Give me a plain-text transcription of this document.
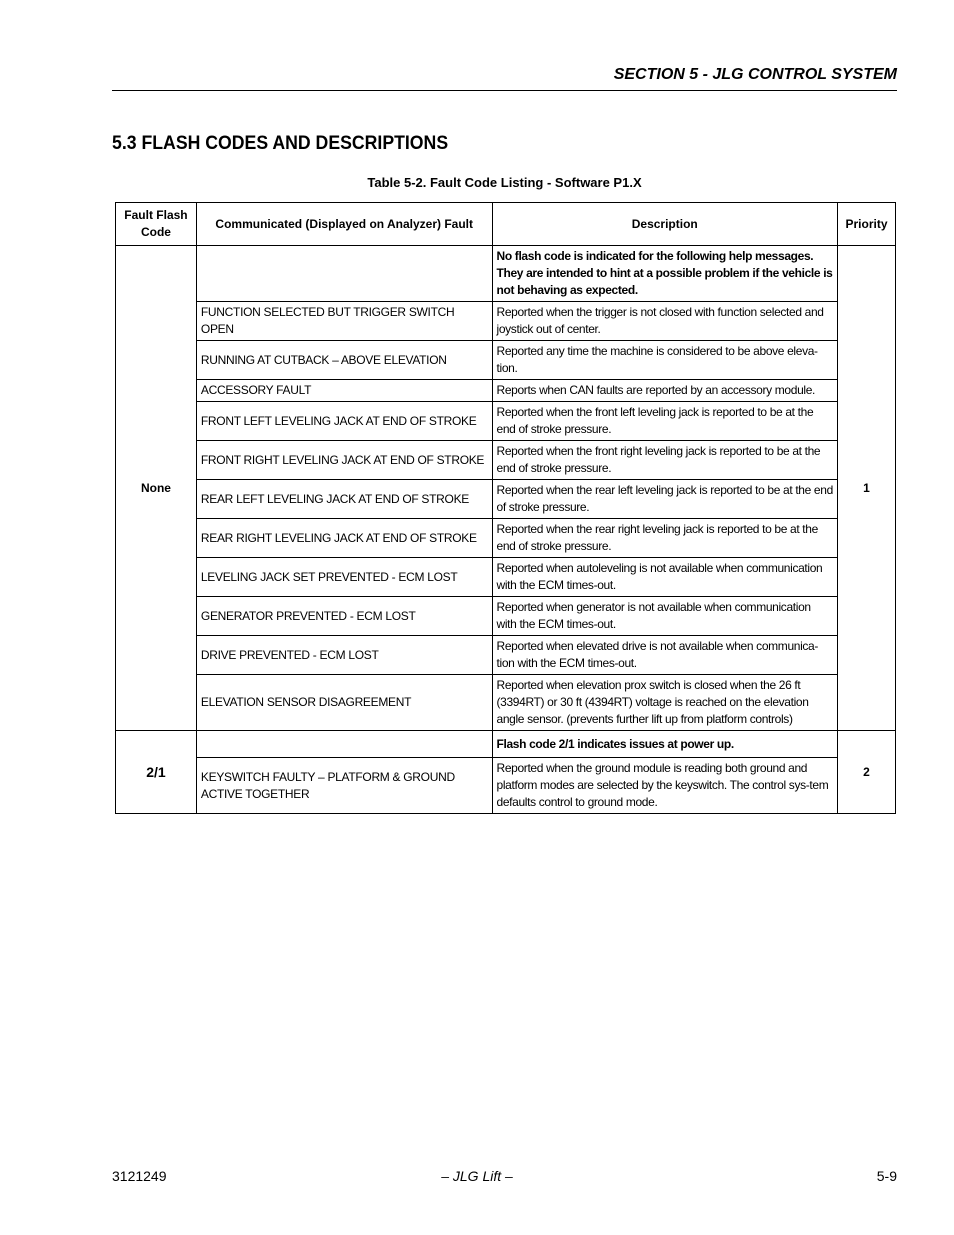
SECTION 5 - JLG CONTROL SYSTEM
5.3 FLASH CODES AND DESCRIPTIONS
Table 5-2. Fault Code Listing - Software P1.X
Fault Flash Code	Communicated (Displayed on Analyzer) Fault	Description	Priority
None		No flash code is indicated for the following help messages. They are intended to hint at a possible problem if the vehicle is not behaving as expected.	1
	FUNCTION SELECTED BUT TRIGGER SWITCH OPEN	Reported when the trigger is not closed with function selected and joystick out of center.	
	RUNNING AT CUTBACK – ABOVE ELEVATION	Reported any time the machine is considered to be above eleva-tion.	
	ACCESSORY FAULT	Reports when CAN faults are reported by an accessory module.	
	FRONT LEFT LEVELING JACK AT END OF STROKE	Reported when the front left leveling jack is reported to be at the end of stroke pressure.	
	FRONT RIGHT LEVELING JACK AT END OF STROKE	Reported when the front right leveling jack is reported to be at the end of stroke pressure.	
	REAR LEFT LEVELING JACK AT END OF STROKE	Reported when the rear left leveling jack is reported to be at the end of stroke pressure.	
	REAR RIGHT LEVELING JACK AT END OF STROKE	Reported when the rear right leveling jack is reported to be at the end of stroke pressure.	
	LEVELING JACK SET PREVENTED - ECM LOST	Reported when autoleveling is not available when communication with the ECM times-out.	
	GENERATOR PREVENTED - ECM LOST	Reported when generator is not available when communication with the ECM times-out.	
	DRIVE PREVENTED - ECM LOST	Reported when elevated drive is not available when communica-tion with the ECM times-out.	
	ELEVATION SENSOR DISAGREEMENT	Reported when elevation prox switch is closed when the 26 ft (3394RT) or 30 ft (4394RT) voltage is reached on the elevation angle sensor. (prevents further lift up from platform controls)	
2/1		Flash code 2/1 indicates issues at power up.	2
	KEYSWITCH FAULTY – PLATFORM & GROUND ACTIVE TOGETHER	Reported when the ground module is reading both ground and platform modes are selected by the keyswitch. The control sys-tem defaults control to ground mode.	
3121249	– JLG Lift –	5-9
